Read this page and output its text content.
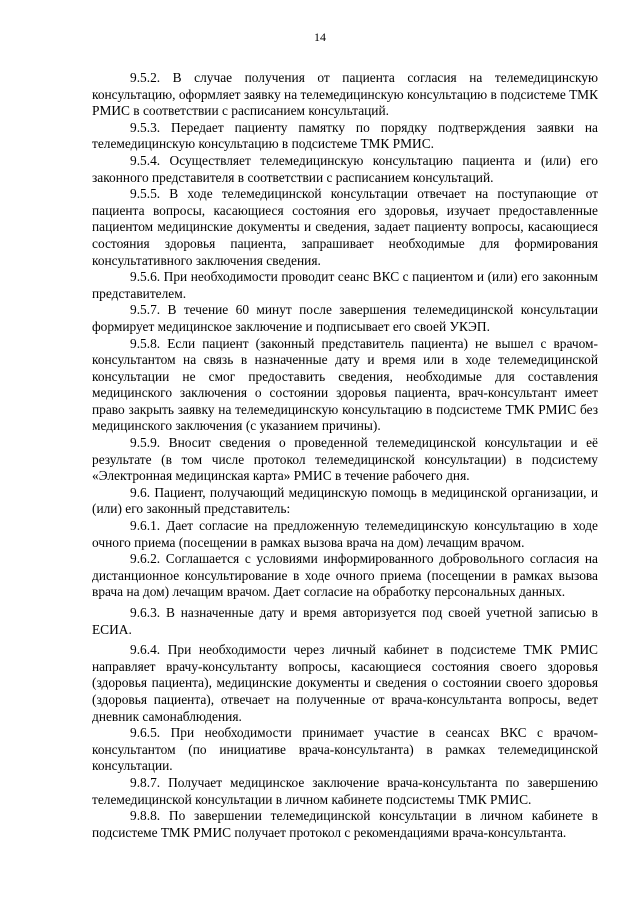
14

9.5.2. В случае получения от пациента согласия на телемедицинскую консультацию, оформляет заявку на телемедицинскую консультацию в подсистеме ТМК РМИС в соответствии с расписанием консультаций.

9.5.3. Передает пациенту памятку по порядку подтверждения заявки на телемедицинскую консультацию в подсистеме ТМК РМИС.

9.5.4. Осуществляет телемедицинскую консультацию пациента и (или) его законного представителя в соответствии с расписанием консультаций.

9.5.5. В ходе телемедицинской консультации отвечает на поступающие от пациента вопросы, касающиеся состояния его здоровья, изучает предоставленные пациентом медицинские документы и сведения, задает пациенту вопросы, касающиеся состояния здоровья пациента, запрашивает необходимые для формирования консультативного заключения сведения.

9.5.6. При необходимости проводит сеанс ВКС с пациентом и (или) его законным представителем.

9.5.7. В течение 60 минут после завершения телемедицинской консультации формирует медицинское заключение и подписывает его своей УКЭП.

9.5.8. Если пациент (законный представитель пациента) не вышел с врачом-консультантом на связь в назначенные дату и время или в ходе телемедицинской консультации не смог предоставить сведения, необходимые для составления медицинского заключения о состоянии здоровья пациента, врач-консультант имеет право закрыть заявку на телемедицинскую консультацию в подсистеме ТМК РМИС без медицинского заключения (с указанием причины).

9.5.9. Вносит сведения о проведенной телемедицинской консультации и её результате (в том числе протокол телемедицинской консультации) в подсистему «Электронная медицинская карта» РМИС в течение рабочего дня.

9.6. Пациент, получающий медицинскую помощь в медицинской организации, и (или) его законный представитель:

9.6.1. Дает согласие на предложенную телемедицинскую консультацию в ходе очного приема (посещении в рамках вызова врача на дом) лечащим врачом.

9.6.2. Соглашается с условиями информированного добровольного согласия на дистанционное консультирование в ходе очного приема (посещении в рамках вызова врача на дом) лечащим врачом. Дает согласие на обработку персональных данных.

9.6.3. В назначенные дату и время авторизуется под своей учетной записью в ЕСИА.

9.6.4. При необходимости через личный кабинет в подсистеме ТМК РМИС направляет врачу-консультанту вопросы, касающиеся состояния своего здоровья (здоровья пациента), медицинские документы и сведения о состоянии своего здоровья (здоровья пациента), отвечает на полученные от врача-консультанта вопросы, ведет дневник самонаблюдения.

9.6.5. При необходимости принимает участие в сеансах ВКС с врачом-консультантом (по инициативе врача-консультанта) в рамках телемедицинской консультации.

9.8.7. Получает медицинское заключение врача-консультанта по завершению телемедицинской консультации в личном кабинете подсистемы ТМК РМИС.

9.8.8. По завершении телемедицинской консультации в личном кабинете в подсистеме ТМК РМИС получает протокол с рекомендациями врача-консультанта.
